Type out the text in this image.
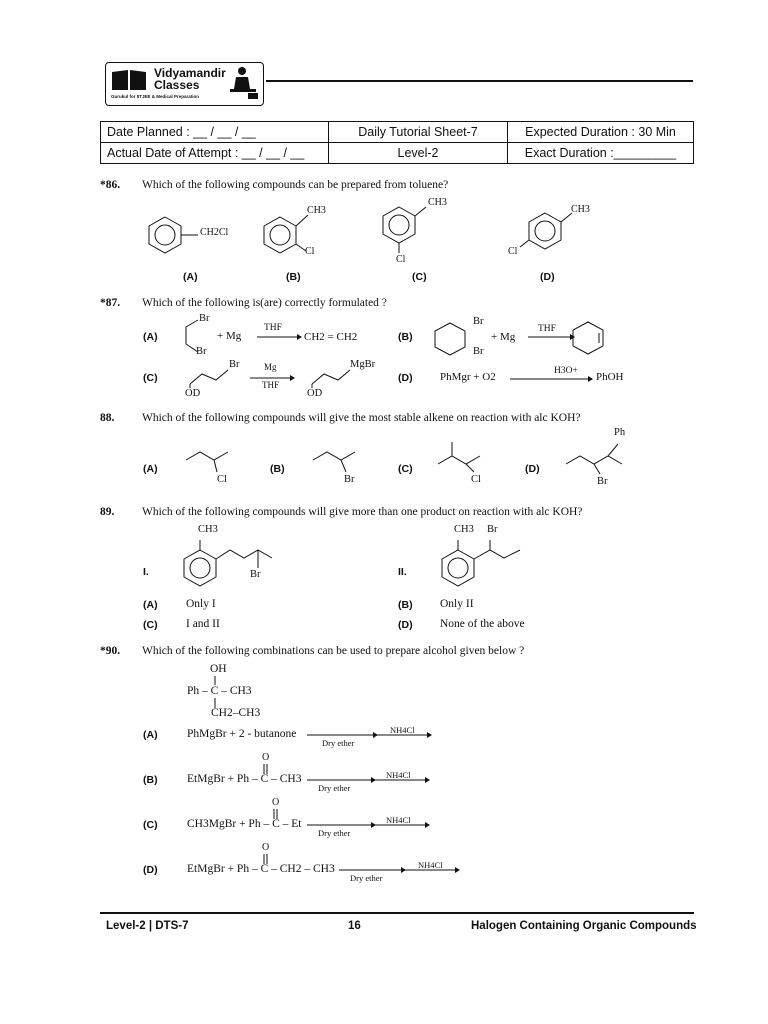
Vidyamandir
Classes
Gurukul for IITJEE & Medical Preparation
Date Planned : __ / __ / __	Daily Tutorial Sheet-7	Expected Duration : 30 Min
Actual Date of Attempt : __ / __ / __	Level-2	Exact Duration :_________
*86. Which of the following compounds can be prepared from toluene?
CH2Cl
CH3
Cl
CH3
Cl
CH3
Cl
(A)	(B)	(C)	(D)
*87. Which of the following is(are) correctly formulated ?
(A)
Br
Br
+ Mg
THF
CH2 = CH2	(B)
Br
Br
+ Mg
THF
(C)
Br
OD
Mg
THF
MgBr
OD
(D) PhMgr + O2	H3O+ PhOH
88. Which of the following compounds will give the most stable alkene on reaction with alc KOH?
(A)
Cl
(B)
Br
(C)
Cl
(D)
Br
Ph
89. Which of the following compounds will give more than one product on reaction with alc KOH?
CH3
Br
CH3 Br
I.	II.
(A) Only I	(B) Only II
(C) I and II	(D) None of the above
*90. Which of the following combinations can be used to prepare alcohol given below ?
OH
Ph – C – CH3
CH2–CH3
(A)	PhMgBr + 2 - butanone
(B)
O
EtMgBr + Ph – C – CH3
(C)
O
CH3MgBr + Ph – C – Et
(D)
O
EtMgBr + Ph – C – CH2 – CH3
Dry ether
NH4Cl
Dry ether
NH4Cl
Dry ether
NH4Cl
Dry ether
NH4Cl
Level-2 | DTS-7	16	Halogen Containing Organic Compounds
